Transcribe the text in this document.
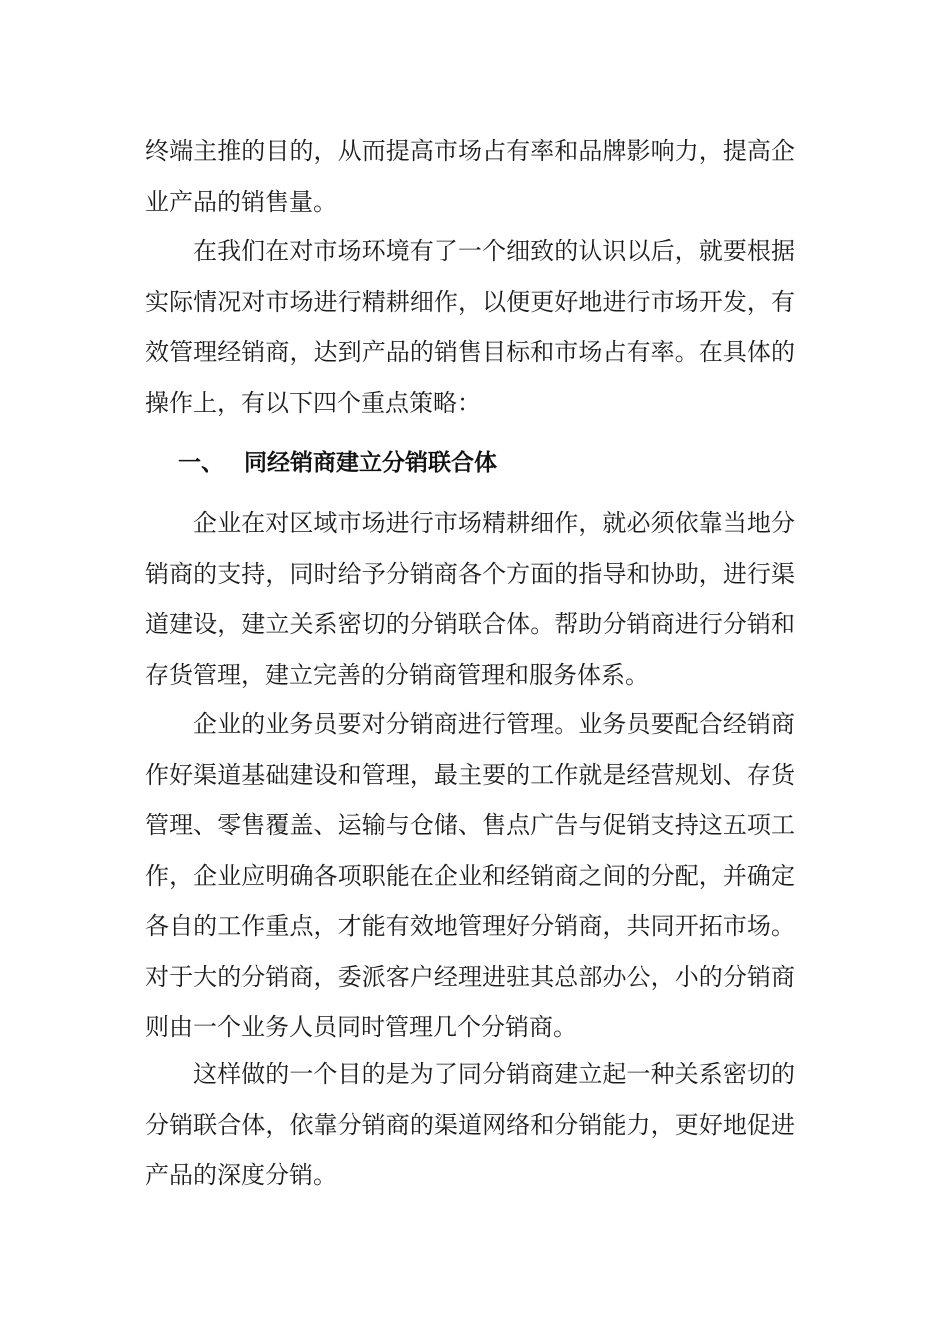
终端主推的目的，从而提高市场占有率和品牌影响力，提高企业产品的销售量。

在我们在对市场环境有了一个细致的认识以后，就要根据实际情况对市场进行精耕细作，以便更好地进行市场开发，有效管理经销商，达到产品的销售目标和市场占有率。在具体的操作上，有以下四个重点策略：

一、 同经销商建立分销联合体

企业在对区域市场进行市场精耕细作，就必须依靠当地分销商的支持，同时给予分销商各个方面的指导和协助，进行渠道建设，建立关系密切的分销联合体。帮助分销商进行分销和存货管理，建立完善的分销商管理和服务体系。

企业的业务员要对分销商进行管理。业务员要配合经销商作好渠道基础建设和管理，最主要的工作就是经营规划、存货管理、零售覆盖、运输与仓储、售点广告与促销支持这五项工作，企业应明确各项职能在企业和经销商之间的分配，并确定各自的工作重点，才能有效地管理好分销商，共同开拓市场。对于大的分销商，委派客户经理进驻其总部办公，小的分销商则由一个业务人员同时管理几个分销商。

这样做的一个目的是为了同分销商建立起一种关系密切的分销联合体，依靠分销商的渠道网络和分销能力，更好地促进产品的深度分销。
